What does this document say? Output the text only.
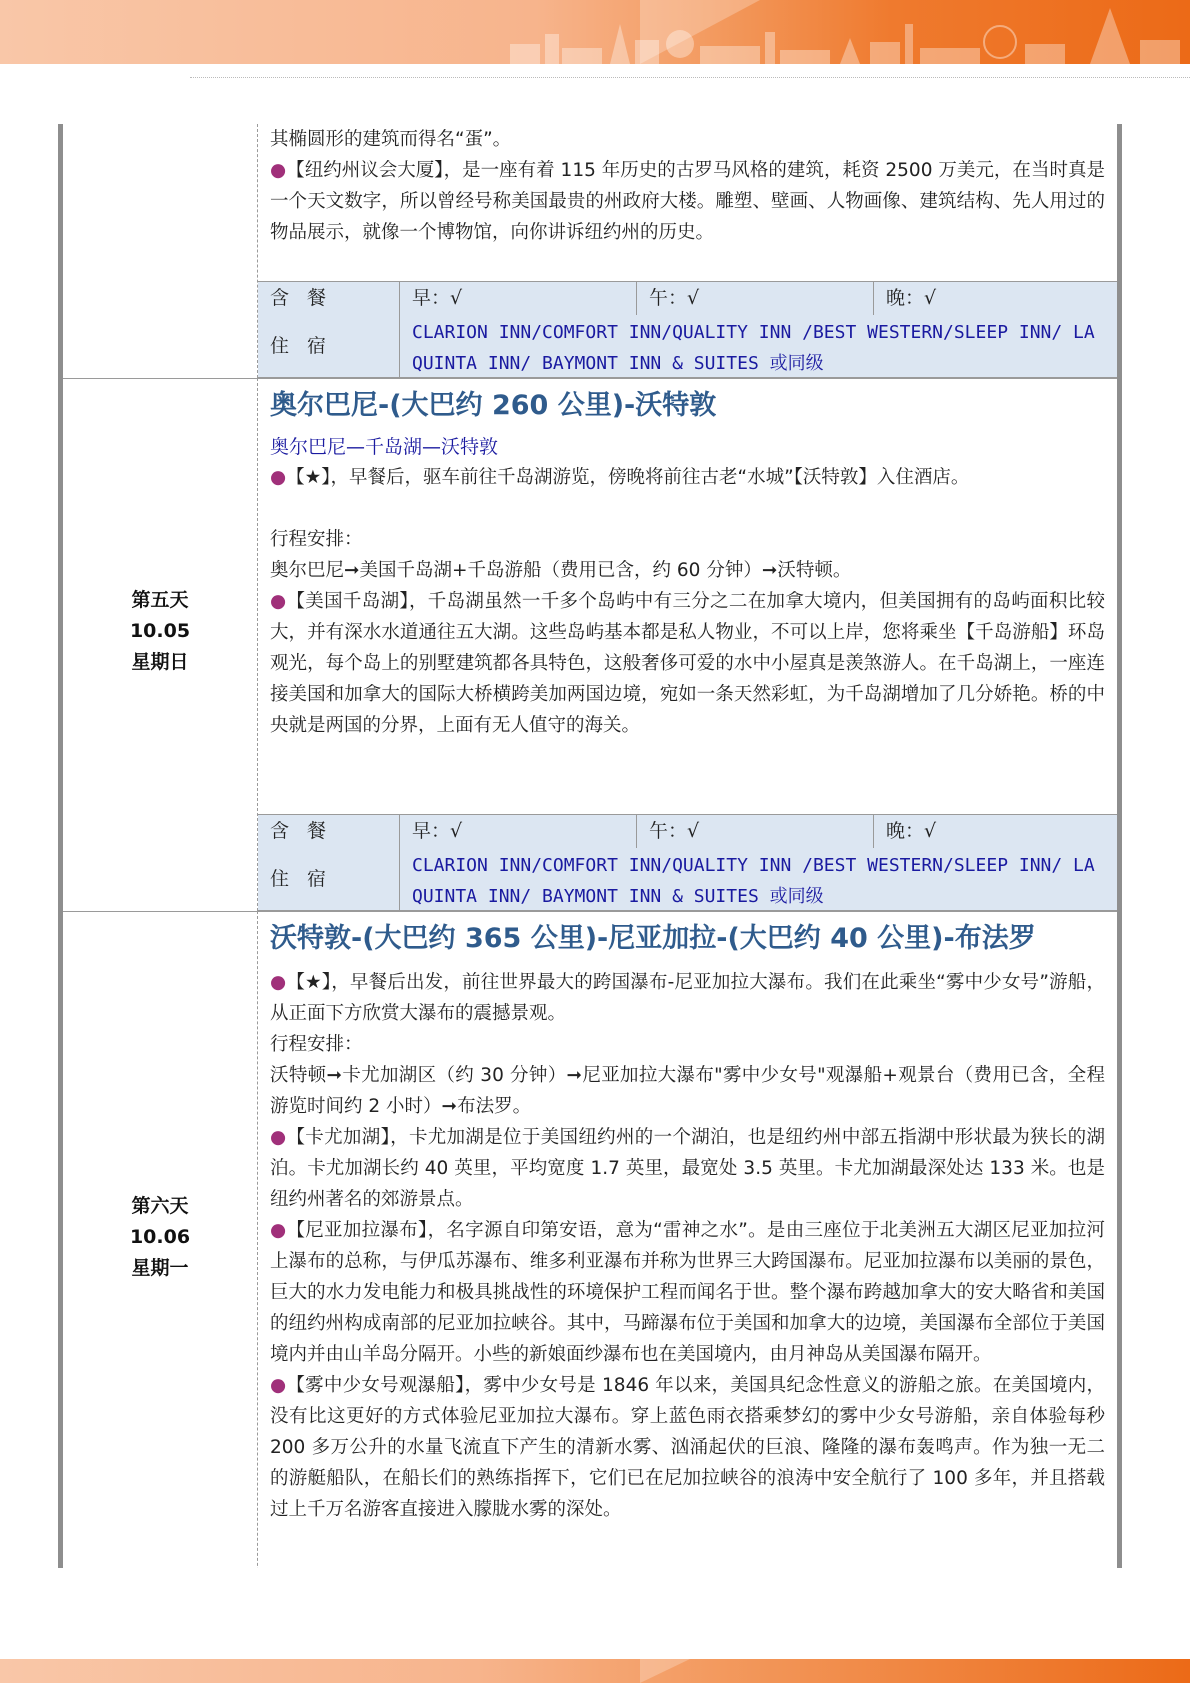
其椭圆形的建筑而得名“蛋”。

●【纽约州议会大厦】，是一座有着 115 年历史的古罗马风格的建筑，耗资 2500 万美元，在当时真是一个天文数字，所以曾经号称美国最贵的州政府大楼。雕塑、壁画、人物画像、建筑结构、先人用过的物品展示，就像一个博物馆，向你讲诉纽约州的历史。

含 餐	早：√	午：√	晚：√
住 宿
CLARION INN/COMFORT INN/QUALITY INN /BEST WESTERN/SLEEP INN/ LA QUINTA INN/ BAYMONT INN & SUITES 或同级
第五天
10.05
星期日

奥尔巴尼-(大巴约 260 公里)-沃特敦

奥尔巴尼—千岛湖—沃特敦

●【★】，早餐后，驱车前往千岛湖游览，傍晚将前往古老“水城”【沃特敦】入住酒店。

行程安排：

奥尔巴尼➞美国千岛湖+千岛游船（费用已含，约 60 分钟）➞沃特顿。

●【美国千岛湖】，千岛湖虽然一千多个岛屿中有三分之二在加拿大境内，但美国拥有的岛屿面积比较大，并有深水水道通往五大湖。这些岛屿基本都是私人物业，不可以上岸，您将乘坐【千岛游船】环岛观光，每个岛上的别墅建筑都各具特色，这般奢侈可爱的水中小屋真是羡煞游人。在千岛湖上，一座连接美国和加拿大的国际大桥横跨美加两国边境，宛如一条天然彩虹，为千岛湖增加了几分娇艳。桥的中央就是两国的分界，上面有无人值守的海关。

含 餐	早：√	午：√	晚：√
住 宿
CLARION INN/COMFORT INN/QUALITY INN /BEST WESTERN/SLEEP INN/ LA QUINTA INN/ BAYMONT INN & SUITES 或同级
第六天
10.06
星期一

沃特敦-(大巴约 365 公里)-尼亚加拉-(大巴约 40 公里)-布法罗

●【★】，早餐后出发，前往世界最大的跨国瀑布-尼亚加拉大瀑布。我们在此乘坐“雾中少女号”游船，从正面下方欣赏大瀑布的震撼景观。

行程安排：

沃特顿➞卡尤加湖区（约 30 分钟）➞尼亚加拉大瀑布"雾中少女号"观瀑船+观景台（费用已含，全程游览时间约 2 小时）➞布法罗。

●【卡尤加湖】，卡尤加湖是位于美国纽约州的一个湖泊，也是纽约州中部五指湖中形状最为狭长的湖泊。卡尤加湖长约 40 英里，平均宽度 1.7 英里，最宽处 3.5 英里。卡尤加湖最深处达 133 米。也是纽约州著名的郊游景点。

●【尼亚加拉瀑布】，名字源自印第安语，意为“雷神之水”。是由三座位于北美洲五大湖区尼亚加拉河上瀑布的总称，与伊瓜苏瀑布、维多利亚瀑布并称为世界三大跨国瀑布。尼亚加拉瀑布以美丽的景色，巨大的水力发电能力和极具挑战性的环境保护工程而闻名于世。整个瀑布跨越加拿大的安大略省和美国的纽约州构成南部的尼亚加拉峡谷。其中，马蹄瀑布位于美国和加拿大的边境，美国瀑布全部位于美国境内并由山羊岛分隔开。小些的新娘面纱瀑布也在美国境内，由月神岛从美国瀑布隔开。

●【雾中少女号观瀑船】，雾中少女号是 1846 年以来，美国具纪念性意义的游船之旅。在美国境内，没有比这更好的方式体验尼亚加拉大瀑布。穿上蓝色雨衣搭乘梦幻的雾中少女号游船，亲自体验每秒 200 多万公升的水量飞流直下产生的清新水雾、汹涌起伏的巨浪、隆隆的瀑布轰鸣声。作为独一无二的游艇船队，在船长们的熟练指挥下，它们已在尼加拉峡谷的浪涛中安全航行了 100 多年，并且搭载过上千万名游客直接进入朦胧水雾的深处。
